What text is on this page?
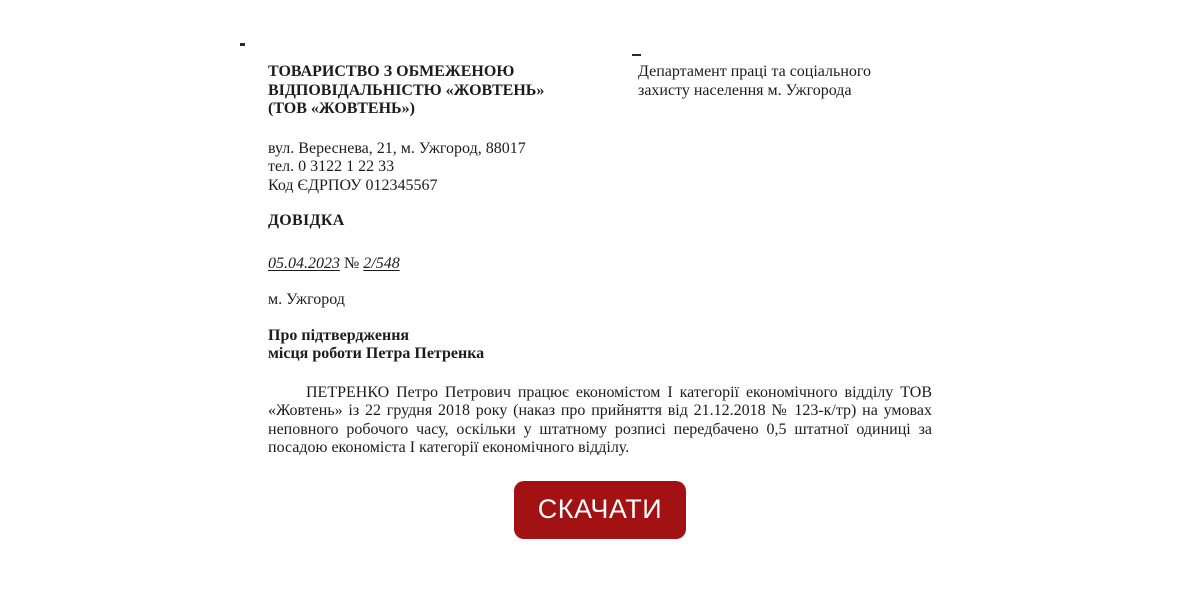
ТОВАРИСТВО З ОБМЕЖЕНОЮ
ВІДПОВІДАЛЬНІСТЮ «ЖОВТЕНЬ»
(ТОВ «ЖОВТЕНЬ»)
Департамент праці та соціального
захисту населення м. Ужгорода
вул. Вереснева, 21, м. Ужгород, 88017
тел. 0 3122 1 22 33
Код ЄДРПОУ 012345567
ДОВІДКА
05.04.2023 № 2/548
м. Ужгород
Про підтвердження
місця роботи Петра Петренка

ПЕТРЕНКО Петро Петрович працює економістом І категорії економічного відділу ТОВ «Жовтень» із 22 грудня 2018 року (наказ про прийняття від 21.12.2018 № 123-к/тр) на умовах неповного робочого часу, оскільки у штатному розписі передбачено 0,5 штатної одиниці за посадою економіста І категорії економічного відділу.

СКАЧАТИ
